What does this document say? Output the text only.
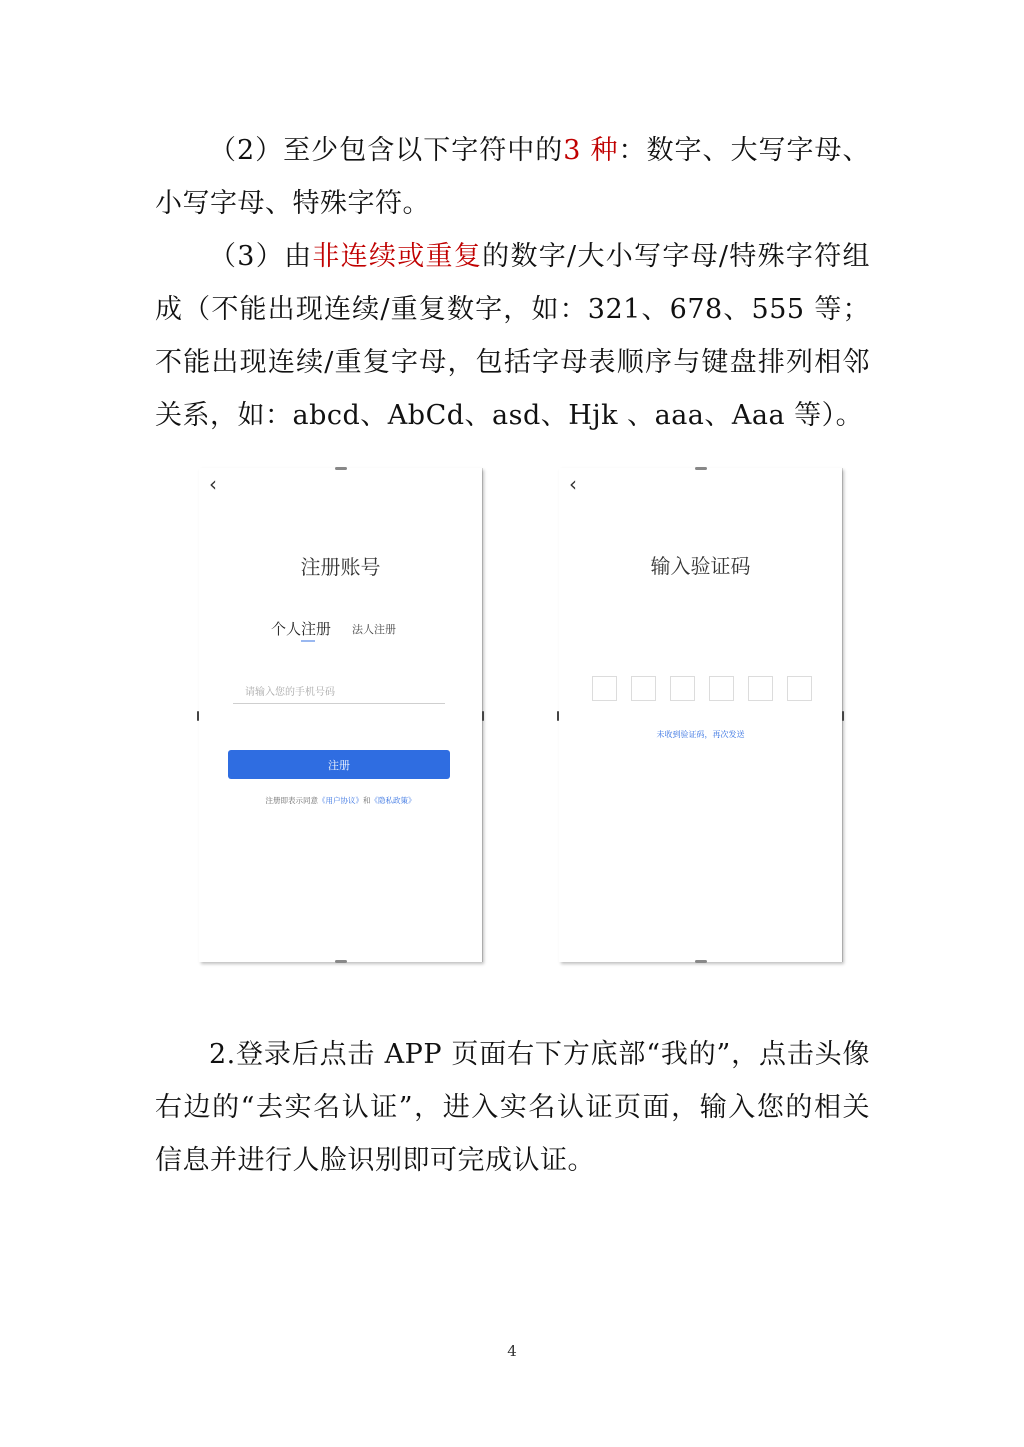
（2）至少包含以下字符中的3 种：数字、大写字母、小写字母、特殊字符。

（3）由非连续或重复的数字/大小写字母/特殊字符组成（不能出现连续/重复数字，如：321、678、555 等；不能出现连续/重复字母，包括字母表顺序与键盘排列相邻关系，如：abcd、AbCd、asd、Hjk 、aaa、Aaa 等）。

‹
注册账号
个人注册 法人注册
请输入您的手机号码
注册
注册即表示同意《用户协议》和《隐私政策》
‹
输入验证码
未收到验证码，再次发送

2.登录后点击 APP 页面右下方底部“我的”，点击头像右边的“去实名认证”，进入实名认证页面，输入您的相关信息并进行人脸识别即可完成认证。

4
